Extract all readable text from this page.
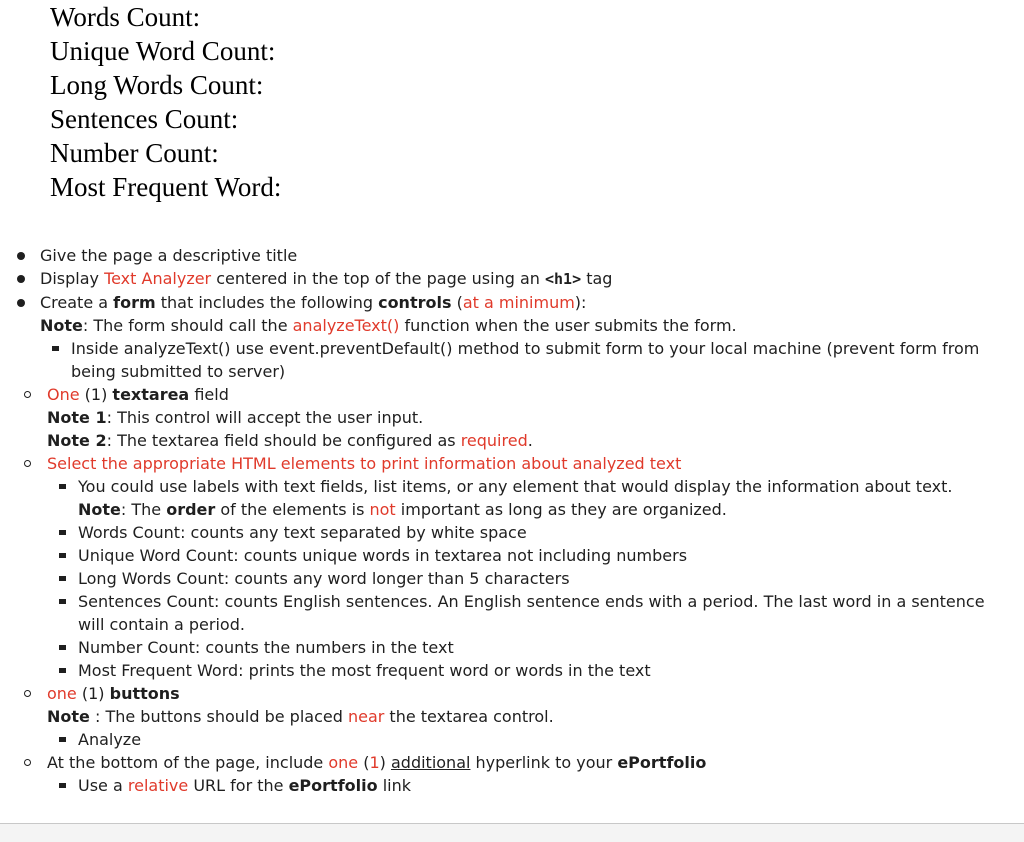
Words Count:
Unique Word Count:
Long Words Count:
Sentences Count:
Number Count:
Most Frequent Word:
Give the page a descriptive title
Display Text Analyzer centered in the top of the page using an <h1> tag
Create a form that includes the following controls (at a minimum):
Note: The form should call the analyzeText() function when the user submits the form.
Inside analyzeText() use event.preventDefault() method to submit form to your local machine (prevent form from being submitted to server)
One (1) textarea field
Note 1: This control will accept the user input.
Note 2: The textarea field should be configured as required.
Select the appropriate HTML elements to print information about analyzed text
You could use labels with text fields, list items, or any element that would display the information about text.
Note: The order of the elements is not important as long as they are organized.
Words Count: counts any text separated by white space
Unique Word Count: counts unique words in textarea not including numbers
Long Words Count: counts any word longer than 5 characters
Sentences Count: counts English sentences. An English sentence ends with a period. The last word in a sentence will contain a period.
Number Count: counts the numbers in the text
Most Frequent Word: prints the most frequent word or words in the text
one (1) buttons
Note : The buttons should be placed near the textarea control.
Analyze
At the bottom of the page, include one (1) additional hyperlink to your ePortfolio
Use a relative URL for the ePortfolio link
